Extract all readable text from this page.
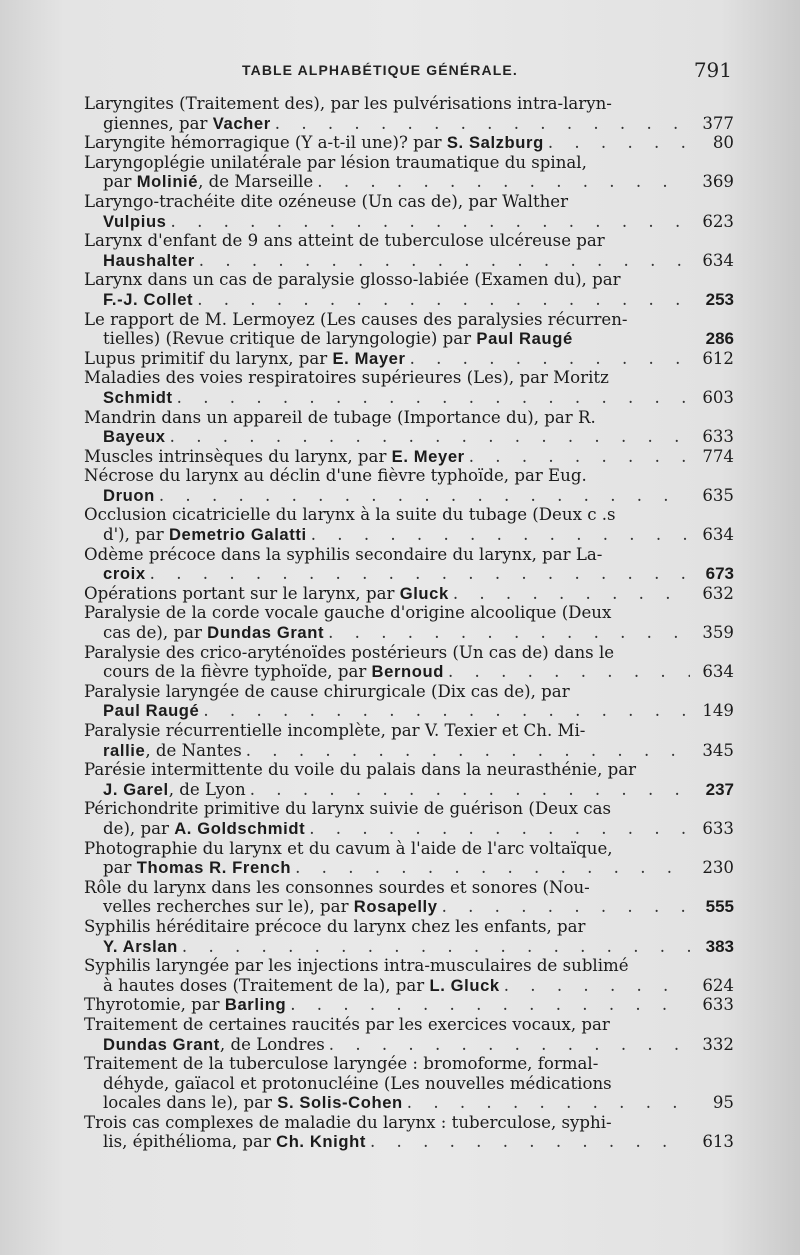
TABLE ALPHABÉTIQUE GÉNÉRALE.	791
Laryngites (Traitement des), par les pulvérisations intra-laryn-
giennes, par Vacher . . .	377
Laryngite hémorragique (Y a-t-il une)? par S. Salzburg . . .	80
Laryngoplégie unilatérale par lésion traumatique du spinal,
par Molinié, de Marseille . . .	369
Laryngo-trachéite dite ozéneuse (Un cas de), par Walther
Vulpius . . .	623
Larynx d'enfant de 9 ans atteint de tuberculose ulcéreuse par
Haushalter . . .	634
Larynx dans un cas de paralysie glosso-labiée (Examen du), par
F.-J. Collet . . .	253
Le rapport de M. Lermoyez (Les causes des paralysies récurren-
tielles) (Revue critique de laryngologie) par Paul Raugé	286
Lupus primitif du larynx, par E. Mayer . . .	612
Maladies des voies respiratoires supérieures (Les), par Moritz
Schmidt . . .	603
Mandrin dans un appareil de tubage (Importance du), par R.
Bayeux . . .	633
Muscles intrinsèques du larynx, par E. Meyer . . .	774
Nécrose du larynx au déclin d'une fièvre typhoïde, par Eug.
Druon . . .	635
Occlusion cicatricielle du larynx à la suite du tubage (Deux c .s
d'), par Demetrio Galatti . . .	634
Odème précoce dans la syphilis secondaire du larynx, par La-
croix . . .	673
Opérations portant sur le larynx, par Gluck . . .	632
Paralysie de la corde vocale gauche d'origine alcoolique (Deux
cas de), par Dundas Grant . . .	359
Paralysie des crico-aryténoïdes postérieurs (Un cas de) dans le
cours de la fièvre typhoïde, par Bernoud . . .	634
Paralysie laryngée de cause chirurgicale (Dix cas de), par
Paul Raugé . . .	149
Paralysie récurrentielle incomplète, par V. Texier et Ch. Mi-
rallie, de Nantes . . .	345
Parésie intermittente du voile du palais dans la neurasthénie, par
J. Garel, de Lyon . . .	237
Périchondrite primitive du larynx suivie de guérison (Deux cas
de), par A. Goldschmidt . . .	633
Photographie du larynx et du cavum à l'aide de l'arc voltaïque,
par Thomas R. French . . .	230
Rôle du larynx dans les consonnes sourdes et sonores (Nou-
velles recherches sur le), par Rosapelly . . .	555
Syphilis héréditaire précoce du larynx chez les enfants, par
Y. Arslan . . .	383
Syphilis laryngée par les injections intra-musculaires de sublimé
à hautes doses (Traitement de la), par L. Gluck . . .	624
Thyrotomie, par Barling . . .	633
Traitement de certaines raucités par les exercices vocaux, par
Dundas Grant, de Londres . . .	332
Traitement de la tuberculose laryngée : bromoforme, formal-
déhyde, gaïacol et protonucléine (Les nouvelles médications
locales dans le), par S. Solis-Cohen . . .	95
Trois cas complexes de maladie du larynx : tuberculose, syphi-
lis, épithélioma, par Ch. Knight . . .	613
